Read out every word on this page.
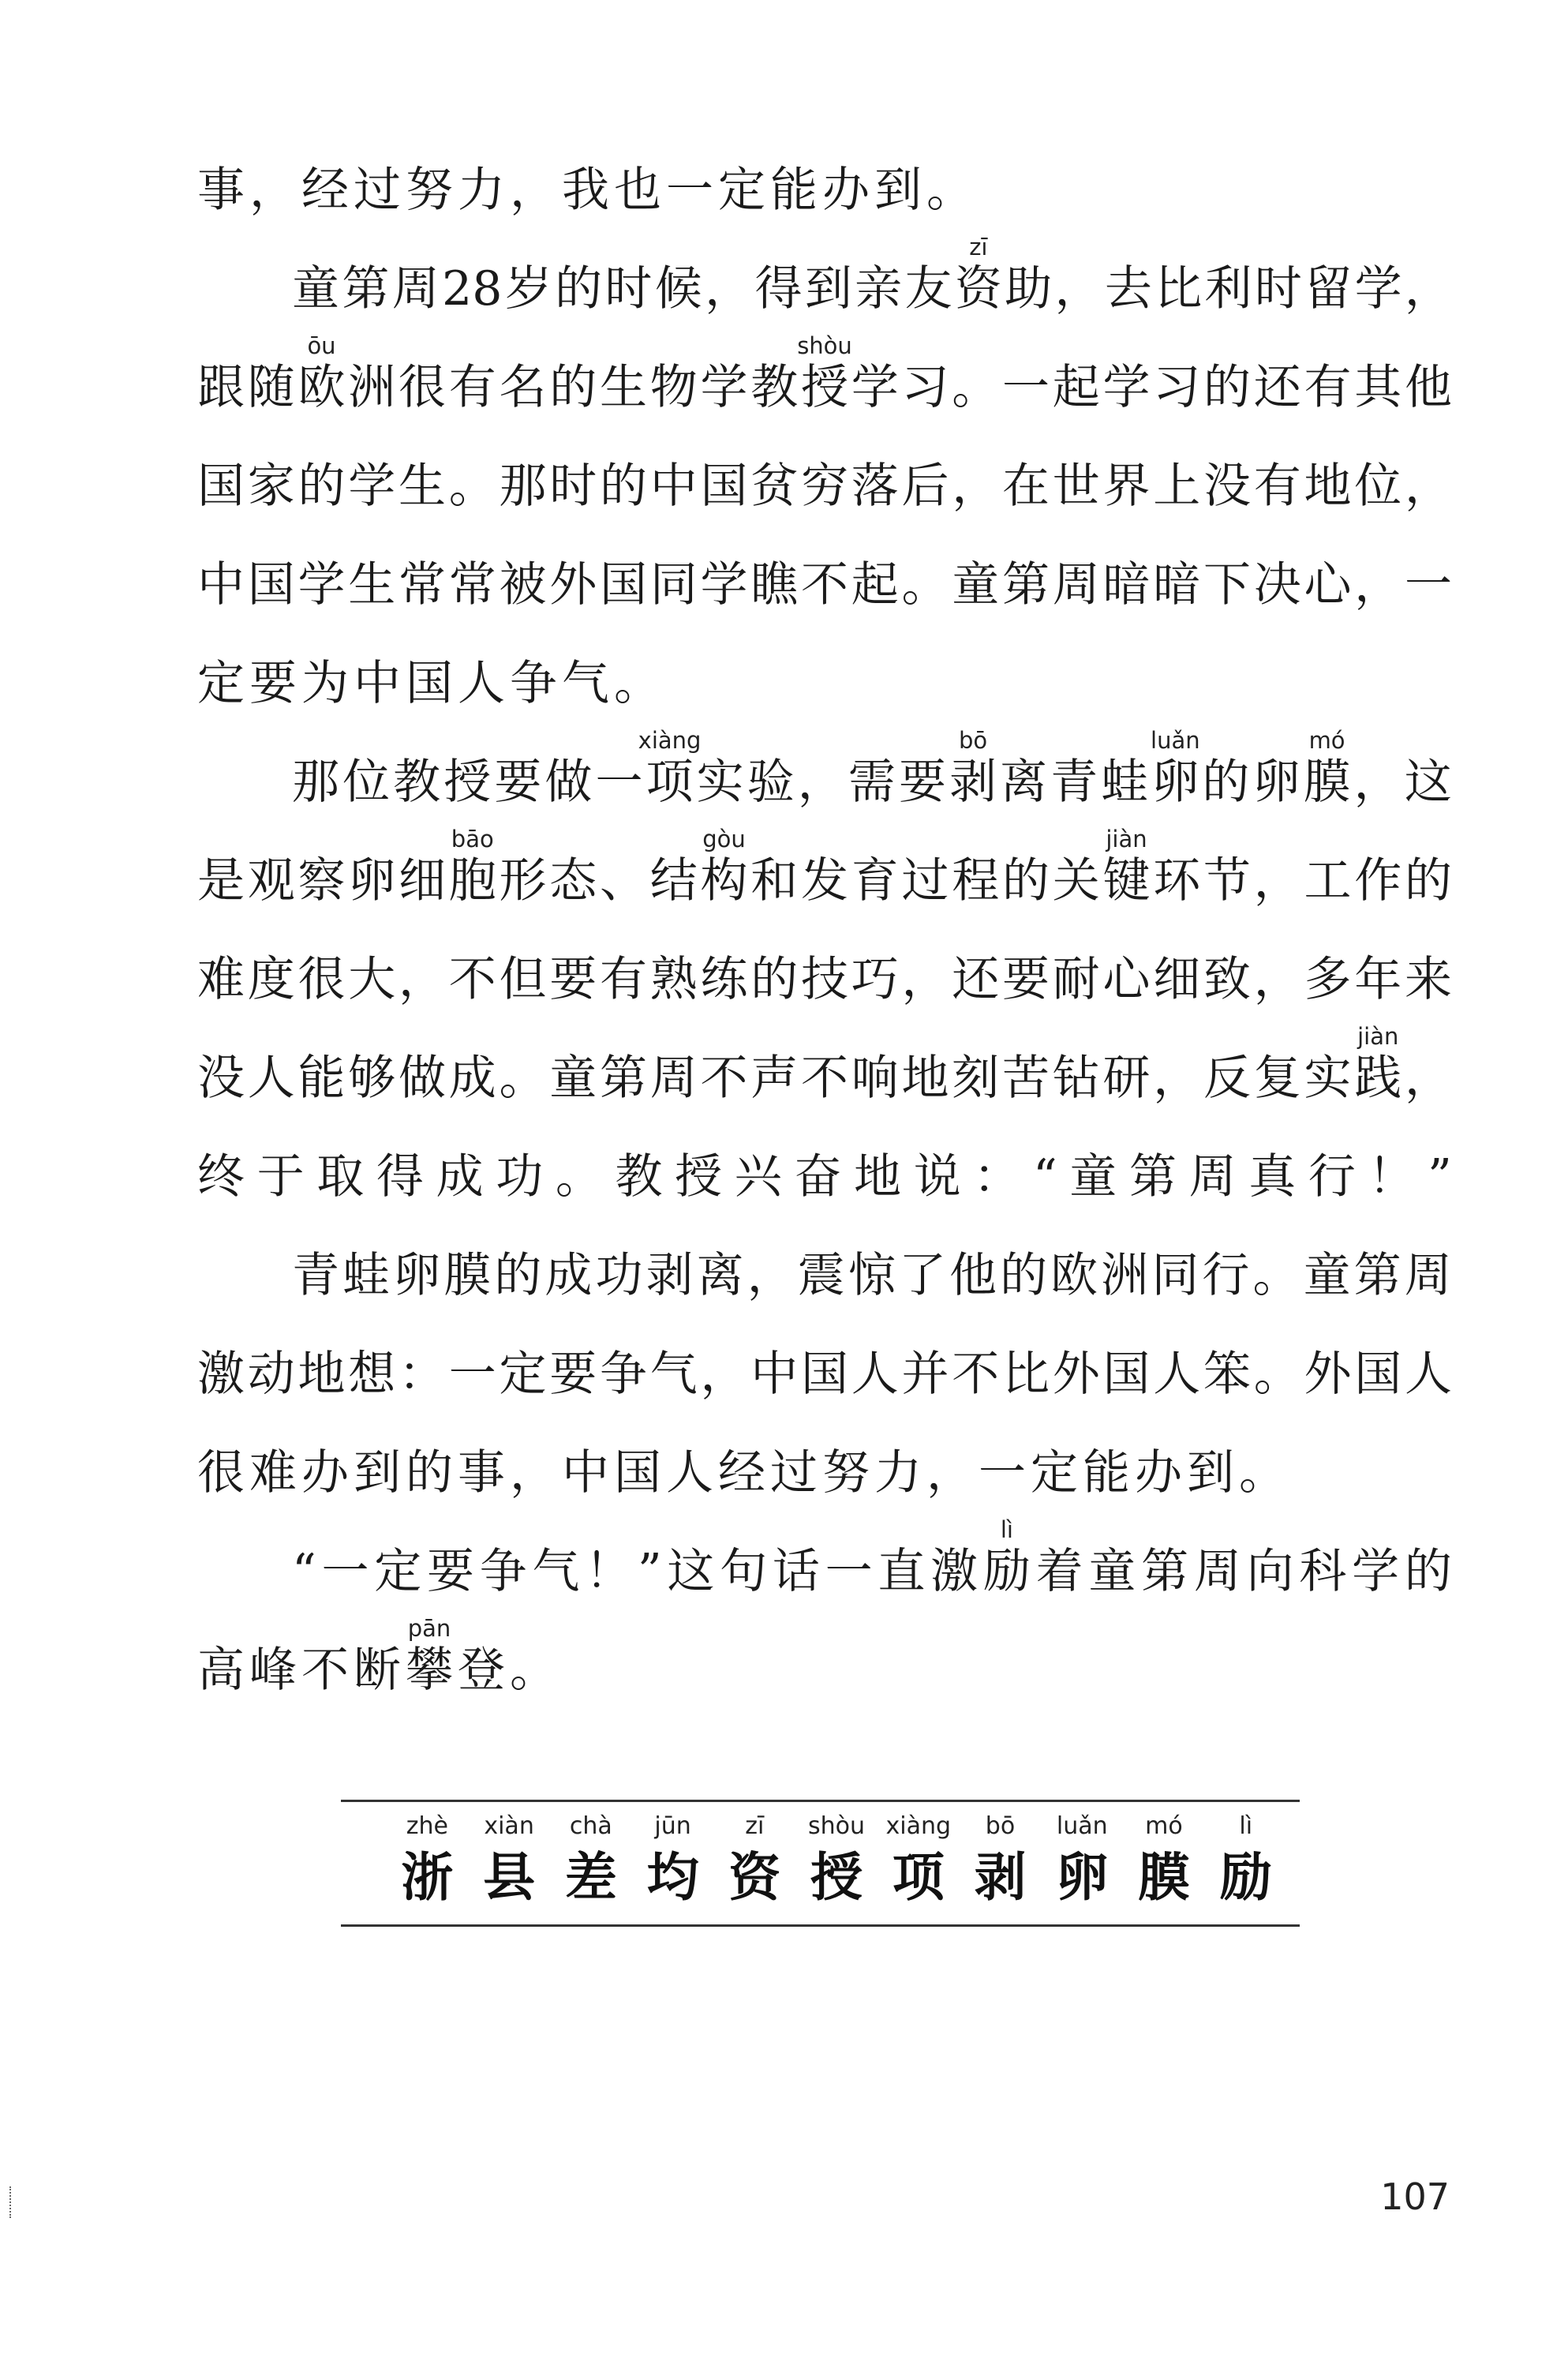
事 ， 经 过 努 力 ， 我 也 一 定 能 办 到 。
童 第 周 28 岁 的 时 候 ， 得 到 亲 友 资
zī
助 ， 去 比 利 时 留 学 ，
跟 随 欧
ōu
洲 很 有 名 的 生 物 学 教 授
shòu
学 习 。 一 起 学 习 的 还 有 其 他
国 家 的 学 生 。 那 时 的 中 国 贫 穷 落 后 ， 在 世 界 上 没 有 地 位 ，
中 国 学 生 常 常 被 外 国 同 学 瞧 不 起 。 童 第 周 暗 暗 下 决 心 ， 一
定 要 为 中 国 人 争 气 。
那 位 教 授 要 做 一 项
xiàng
实 验 ， 需 要 剥
bō
离 青 蛙 卵
luǎn
的 卵 膜
mó
， 这
是 观 察 卵 细 胞
bāo
形 态 、 结 构
gòu
和 发 育 过 程 的 关 键
jiàn
环 节 ， 工 作 的
难 度 很 大 ， 不 但 要 有 熟 练 的 技 巧 ， 还 要 耐 心 细 致 ， 多 年 来
没 人 能 够 做 成 。 童 第 周 不 声 不 响 地 刻 苦 钻 研 ， 反 复 实 践
jiàn
，
终 于 取 得 成 功 。 教 授 兴 奋 地 说 ： “ 童 第 周 真 行 ！ ”
青 蛙 卵 膜 的 成 功 剥 离 ， 震 惊 了 他 的 欧 洲 同 行 。 童 第 周
激 动 地 想 ： 一 定 要 争 气 ， 中 国 人 并 不 比 外 国 人 笨 。 外 国 人
很 难 办 到 的 事 ， 中 国 人 经 过 努 力 ， 一 定 能 办 到 。
“ 一 定 要 争 气 ！ ” 这 句 话 一 直 激 励
lì
着 童 第 周 向 科 学 的
高 峰 不 断 攀
pān
登 。
zhè
浙
xiàn
县
chà
差
jūn
均
zī
资
shòu
授
xiàng
项
bō
剥
luǎn
卵
mó
膜
lì
励
107
